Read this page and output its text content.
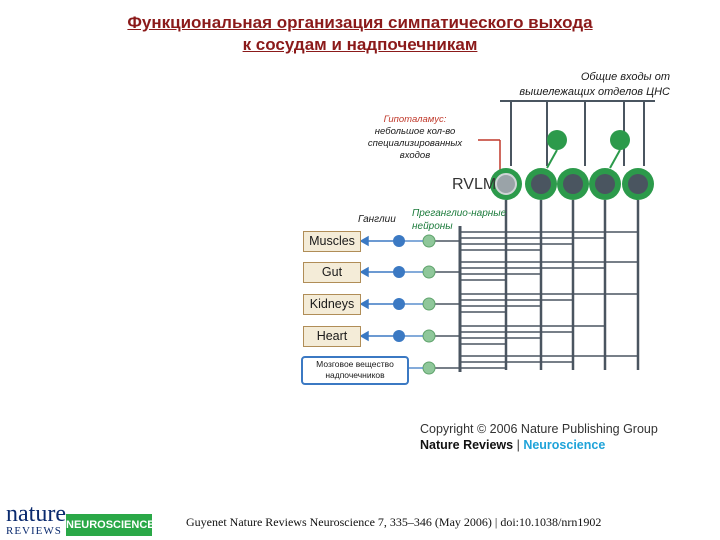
Функциональная организация симпатического выхода
к сосудам и надпочечникам
Общие входы от
вышележащих отделов ЦНС
Гипоталамус:
небольшое кол-во
специализированных
входов
RVLM
Ганглии
Преганглио-нарные
нейроны
Muscles
Gut
Kidneys
Heart
Мозговое вещество
надпочечников
Copyright © 2006 Nature Publishing Group
Nature Reviews | Neuroscience
nature
REVIEWS NEUROSCIENCE	Guyenet Nature Reviews Neuroscience 7, 335–346 (May 2006) | doi:10.1038/nrn1902
